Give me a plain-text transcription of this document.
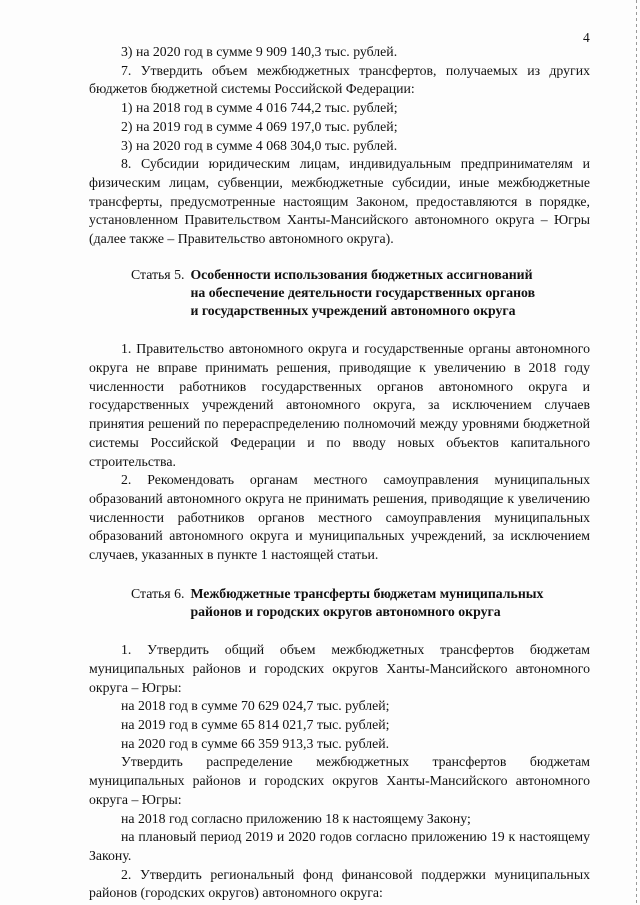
4

3) на 2020 год в сумме 9 909 140,3 тыс. рублей.

7. Утвердить объем межбюджетных трансфертов, получаемых из других бюджетов бюджетной системы Российской Федерации:

1) на 2018 год в сумме 4 016 744,2 тыс. рублей;

2) на 2019 год в сумме 4 069 197,0 тыс. рублей;

3) на 2020 год в сумме 4 068 304,0 тыс. рублей.

8. Субсидии юридическим лицам, индивидуальным предпринимателям и физическим лицам, субвенции, межбюджетные субсидии, иные межбюджетные трансферты, предусмотренные настоящим Законом, предоставляются в порядке, установленном Правительством Ханты-Мансийского автономного округа – Югры (далее также – Правительство автономного округа).

Статья 5. Особенности использования бюджетных ассигнований
на обеспечение деятельности государственных органов
и государственных учреждений автономного округа

1. Правительство автономного округа и государственные органы автономного округа не вправе принимать решения, приводящие к увеличению в 2018 году численности работников государственных органов автономного округа и государственных учреждений автономного округа, за исключением случаев принятия решений по перераспределению полномочий между уровнями бюджетной системы Российской Федерации и по вводу новых объектов капитального строительства.

2. Рекомендовать органам местного самоуправления муниципальных образований автономного округа не принимать решения, приводящие к увеличению численности работников органов местного самоуправления муниципальных образований автономного округа и муниципальных учреждений, за исключением случаев, указанных в пункте 1 настоящей статьи.

Статья 6. Межбюджетные трансферты бюджетам муниципальных
районов и городских округов автономного округа

1. Утвердить общий объем межбюджетных трансфертов бюджетам муниципальных районов и городских округов Ханты-Мансийского автономного округа – Югры:

на 2018 год в сумме 70 629 024,7 тыс. рублей;

на 2019 год в сумме 65 814 021,7 тыс. рублей;

на 2020 год в сумме 66 359 913,3 тыс. рублей.

Утвердить распределение межбюджетных трансфертов бюджетам муниципальных районов и городских округов Ханты-Мансийского автономного округа – Югры:

на 2018 год согласно приложению 18 к настоящему Закону;

на плановый период 2019 и 2020 годов согласно приложению 19 к настоящему Закону.

2. Утвердить региональный фонд финансовой поддержки муниципальных районов (городских округов) автономного округа:
